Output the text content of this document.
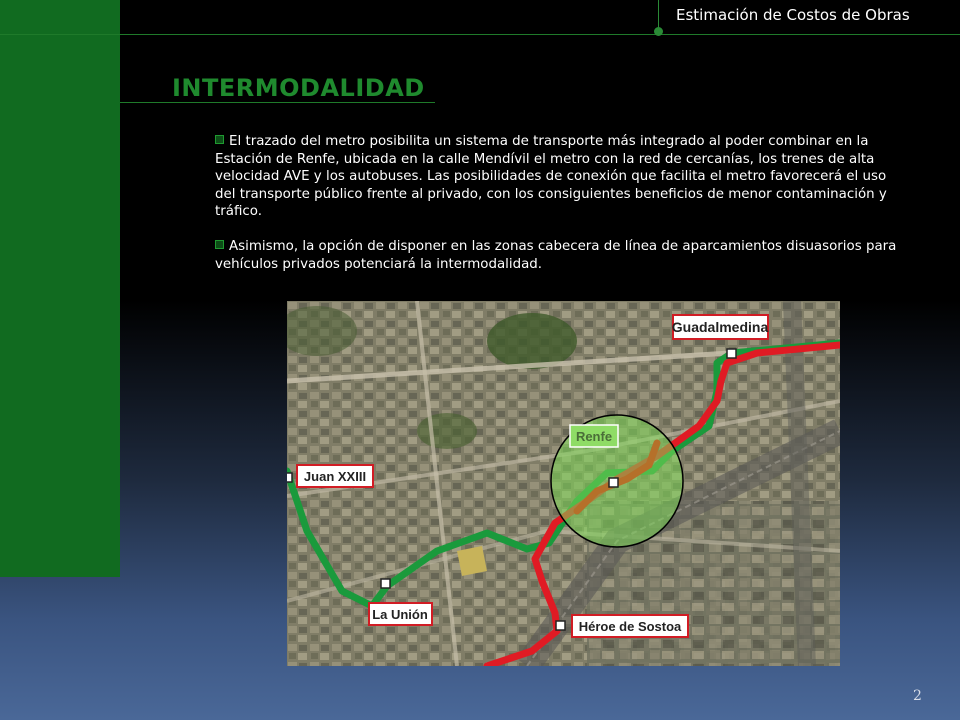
Estimación de Costos de Obras
INTERMODALIDAD

El trazado del metro posibilita un sistema de transporte más integrado al poder combinar en la Estación de Renfe, ubicada en la calle Mendívil el metro con la red de cercanías, los trenes de alta velocidad AVE y los autobuses. Las posibilidades de conexión que facilita el metro favorecerá el uso del transporte público frente al privado, con los consiguientes beneficios de menor contaminación y tráfico.

Asimismo, la opción de disponer en las zonas cabecera de línea de aparcamientos disuasorios para vehículos privados potenciará la intermodalidad.

Guadalmedina
Juan XXIII
Renfe
La Unión
Héroe de Sostoa
2
